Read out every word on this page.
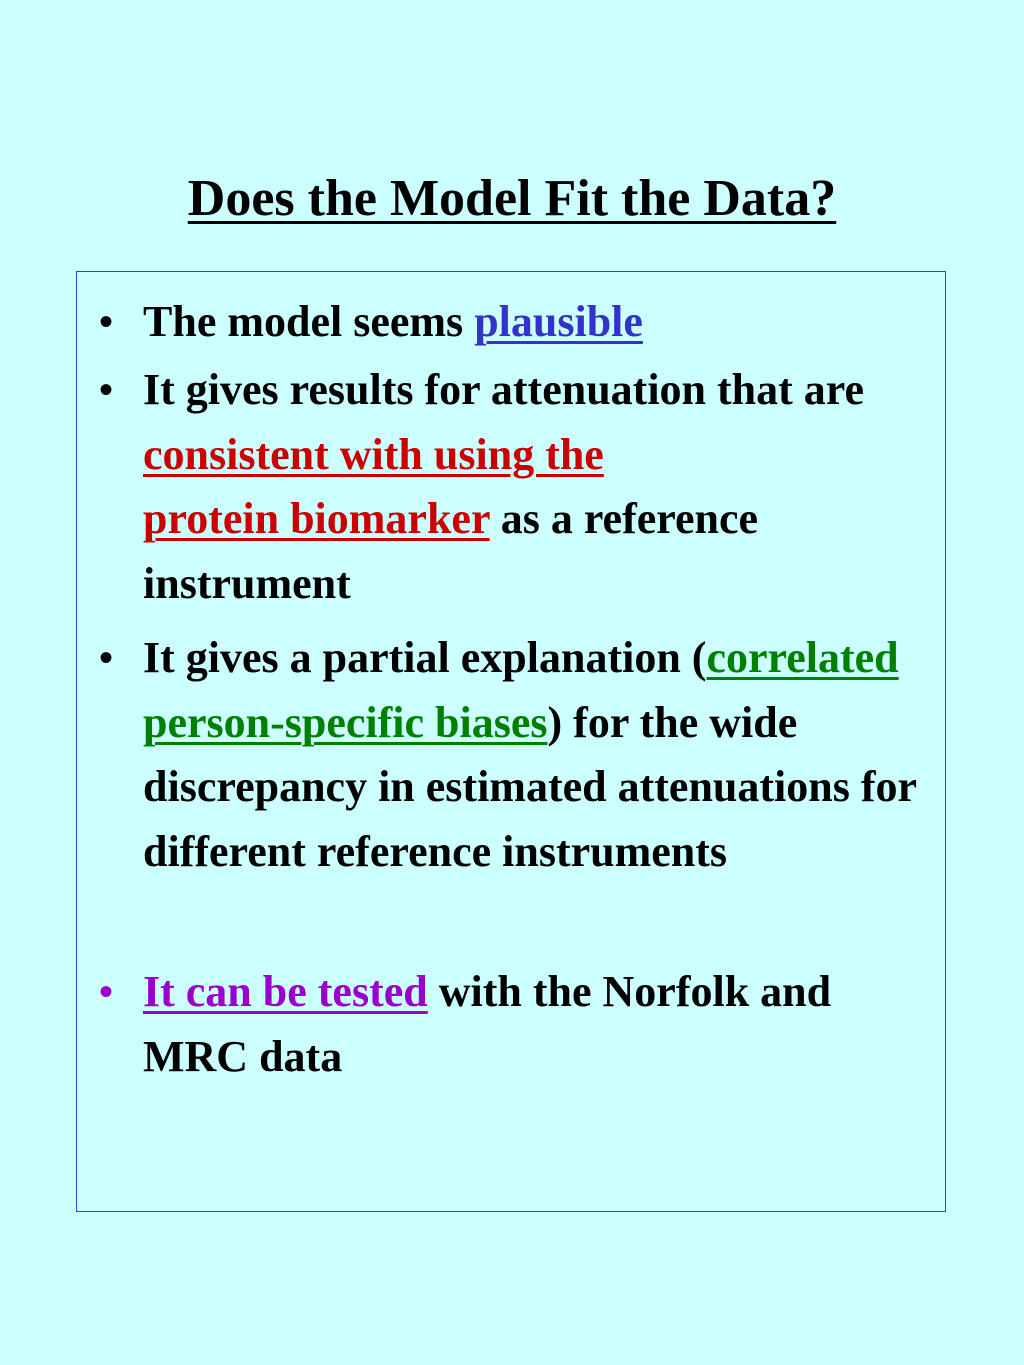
Does the Model Fit the Data?
• The model seems plausible
• It gives results for attenuation that are consistent with using the
protein biomarker as a reference instrument
• It gives a partial explanation (correlated person-specific biases) for the wide discrepancy in estimated attenuations for different reference instruments
• It can be tested with the Norfolk and MRC data
